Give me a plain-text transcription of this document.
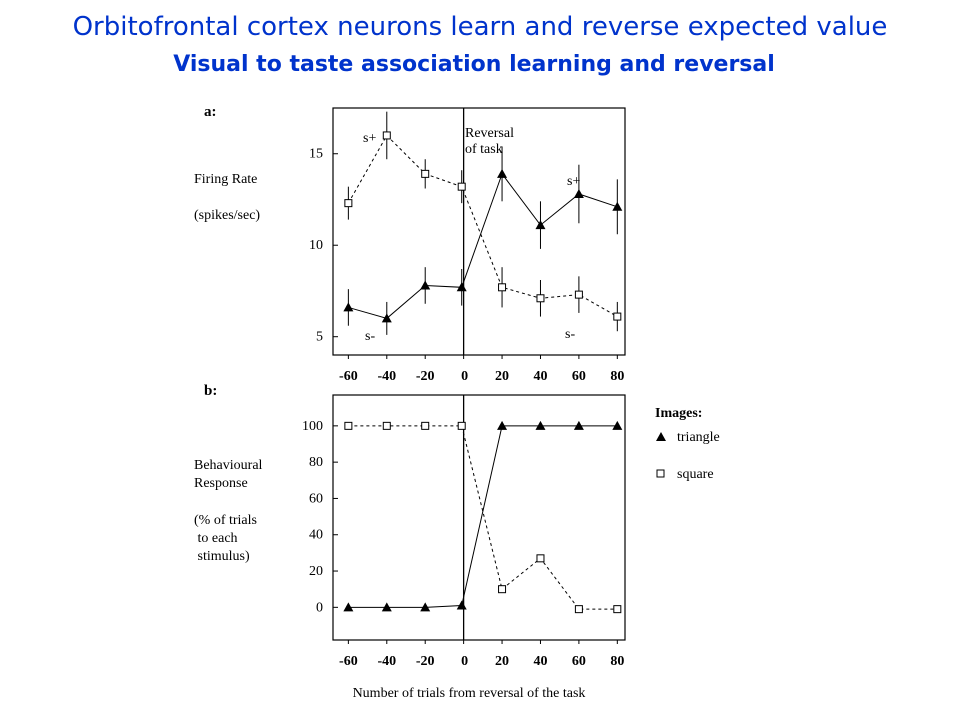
Orbitofrontal cortex neurons learn and reverse expected value
Visual to taste association learning and reversal
a:
Firing Rate
(spikes/sec)
5
10
15
-60 -40 -20 0 20 40 60 80
b:
Behavioural
Response
(% of trials
to each
stimulus)
0
20
40
60
80
100
-60 -40 -20 0 20 40 60 80
Reversal
of task
s+
s-
s+
s-
Number of trials from reversal of the task
Images:
triangle
square
